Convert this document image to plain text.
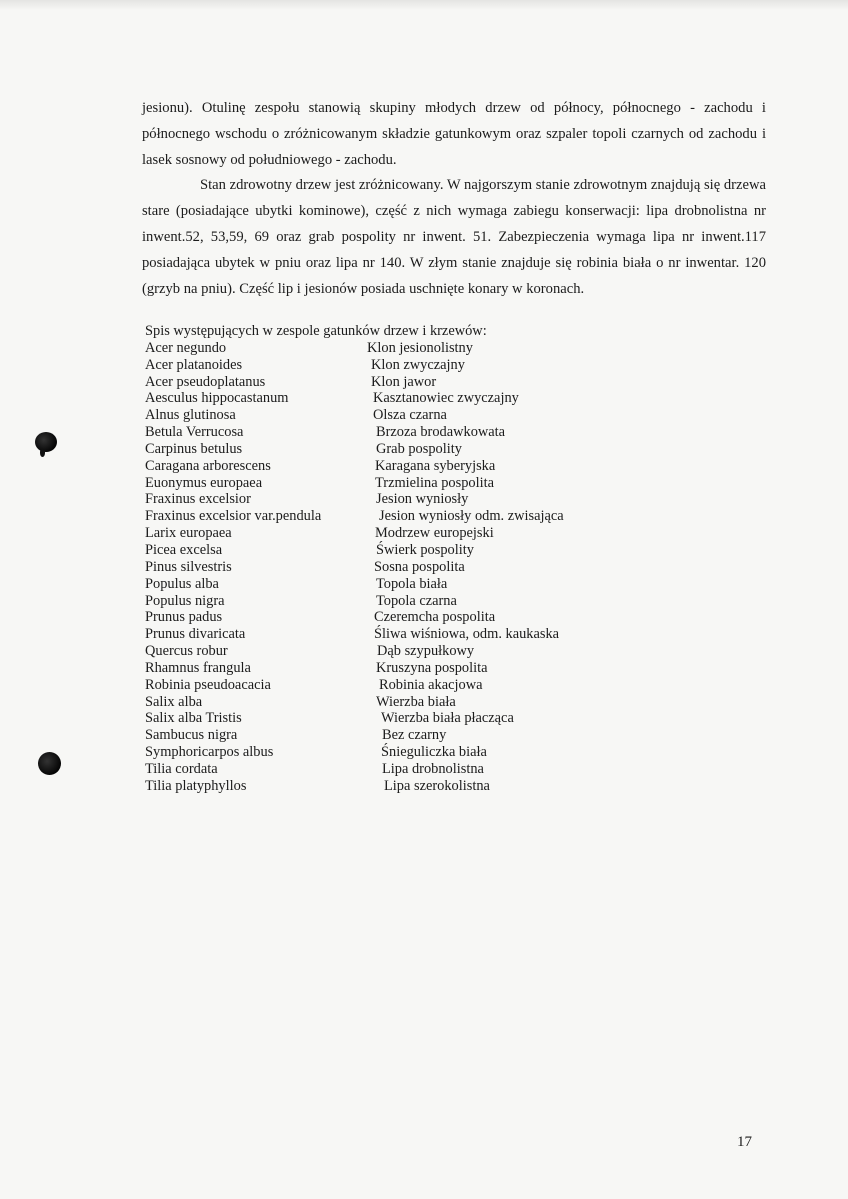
jesionu). Otulinę zespołu stanowią skupiny młodych drzew od północy, północnego - zachodu i północnego wschodu o zróżnicowanym składzie gatunkowym oraz szpaler topoli czarnych od zachodu i lasek sosnowy od południowego - zachodu.

Stan zdrowotny drzew jest zróżnicowany. W najgorszym stanie zdrowotnym znajdują się drzewa stare (posiadające ubytki kominowe), część z nich wymaga zabiegu konserwacji: lipa drobnolistna nr inwent.52, 53,59, 69 oraz grab pospolity nr inwent. 51. Zabezpieczenia wymaga lipa nr inwent.117 posiadająca ubytek w pniu oraz lipa nr 140. W złym stanie znajduje się robinia biała o nr inwentar. 120 (grzyb na pniu). Część lip i jesionów posiada uschnięte konary w koronach.

Spis występujących w zespole gatunków drzew i krzewów:
Acer negundo	Klon jesionolistny
Acer platanoides	Klon zwyczajny
Acer pseudoplatanus	Klon jawor
Aesculus hippocastanum	Kasztanowiec zwyczajny
Alnus glutinosa	Olsza czarna
Betula Verrucosa	Brzoza brodawkowata
Carpinus betulus	Grab pospolity
Caragana arborescens	Karagana syberyjska
Euonymus europaea	Trzmielina pospolita
Fraxinus excelsior	Jesion wyniosły
Fraxinus excelsior var.pendula	Jesion wyniosły odm. zwisająca
Larix europaea	Modrzew europejski
Picea excelsa	Świerk pospolity
Pinus silvestris	Sosna pospolita
Populus alba	Topola biała
Populus nigra	Topola czarna
Prunus padus	Czeremcha pospolita
Prunus divaricata	Śliwa wiśniowa, odm. kaukaska
Quercus robur	Dąb szypułkowy
Rhamnus frangula	Kruszyna pospolita
Robinia pseudoacacia	Robinia akacjowa
Salix alba	Wierzba biała
Salix alba Tristis	Wierzba biała płacząca
Sambucus nigra	Bez czarny
Symphoricarpos albus	Śnieguliczka biała
Tilia cordata	Lipa drobnolistna
Tilia platyphyllos	Lipa szerokolistna
17
